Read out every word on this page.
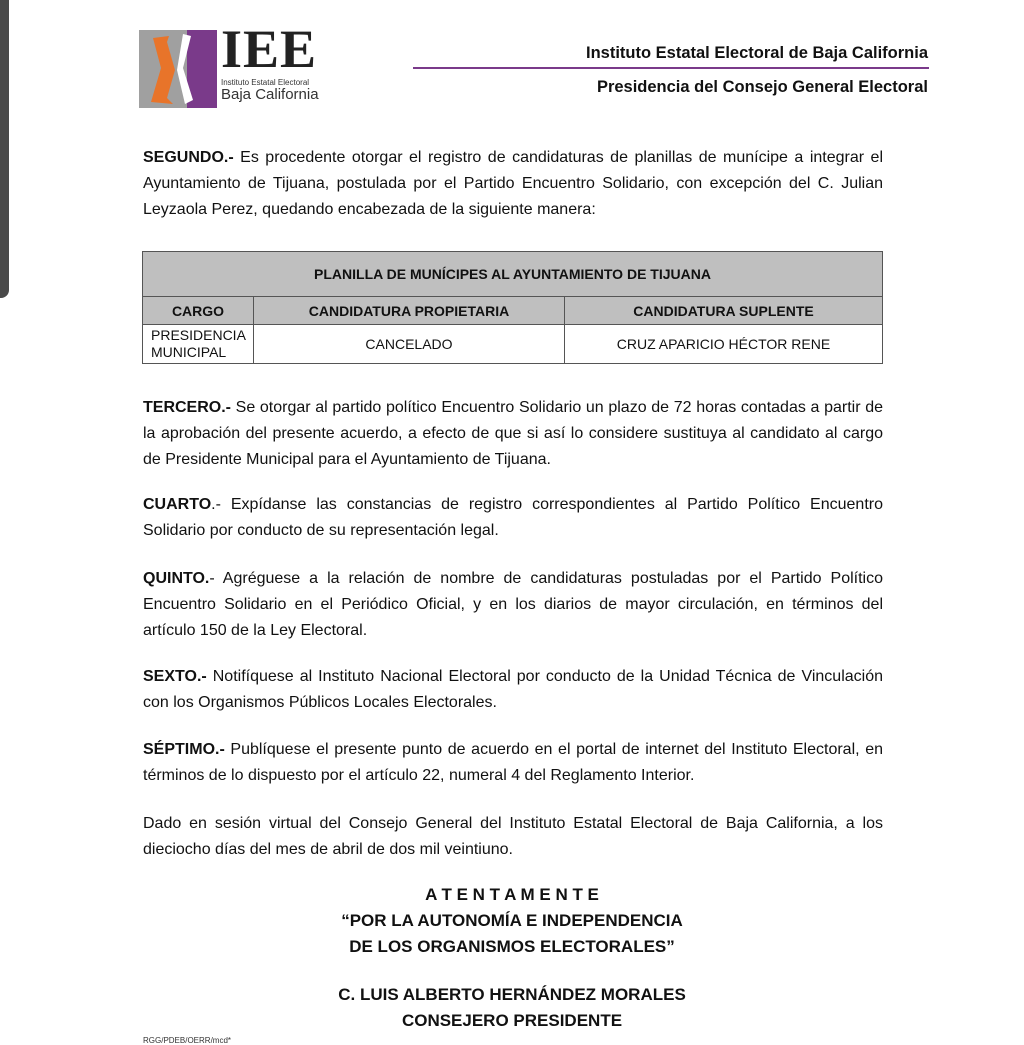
IEE
Instituto Estatal Electoral
Baja California
Instituto Estatal Electoral de Baja California
Presidencia del Consejo General Electoral
SEGUNDO.- Es procedente otorgar el registro de candidaturas de planillas de munícipe a integrar el Ayuntamiento de Tijuana, postulada por el Partido Encuentro Solidario, con excepción del C. Julian Leyzaola Perez, quedando encabezada de la siguiente manera:
PLANILLA DE MUNÍCIPES AL AYUNTAMIENTO DE TIJUANA		
CARGO	CANDIDATURA PROPIETARIA	CANDIDATURA SUPLENTE
PRESIDENCIA MUNICIPAL	CANCELADO	CRUZ APARICIO HÉCTOR RENE
TERCERO.- Se otorgar al partido político Encuentro Solidario un plazo de 72 horas contadas a partir de la aprobación del presente acuerdo, a efecto de que si así lo considere sustituya al candidato al cargo de Presidente Municipal para el Ayuntamiento de Tijuana.
CUARTO.- Expídanse las constancias de registro correspondientes al Partido Político Encuentro Solidario por conducto de su representación legal.
QUINTO.- Agréguese a la relación de nombre de candidaturas postuladas por el Partido Político Encuentro Solidario en el Periódico Oficial, y en los diarios de mayor circulación, en términos del artículo 150 de la Ley Electoral.
SEXTO.- Notifíquese al Instituto Nacional Electoral por conducto de la Unidad Técnica de Vinculación con los Organismos Públicos Locales Electorales.
SÉPTIMO.- Publíquese el presente punto de acuerdo en el portal de internet del Instituto Electoral, en términos de lo dispuesto por el artículo 22, numeral 4 del Reglamento Interior.
Dado en sesión virtual del Consejo General del Instituto Estatal Electoral de Baja California, a los dieciocho días del mes de abril de dos mil veintiuno.
A T E N T A M E N T E
“POR LA AUTONOMÍA E INDEPENDENCIA
DE LOS ORGANISMOS ELECTORALES”
C. LUIS ALBERTO HERNÁNDEZ MORALES
CONSEJERO PRESIDENTE
RGG/PDEB/OERR/mcd*
